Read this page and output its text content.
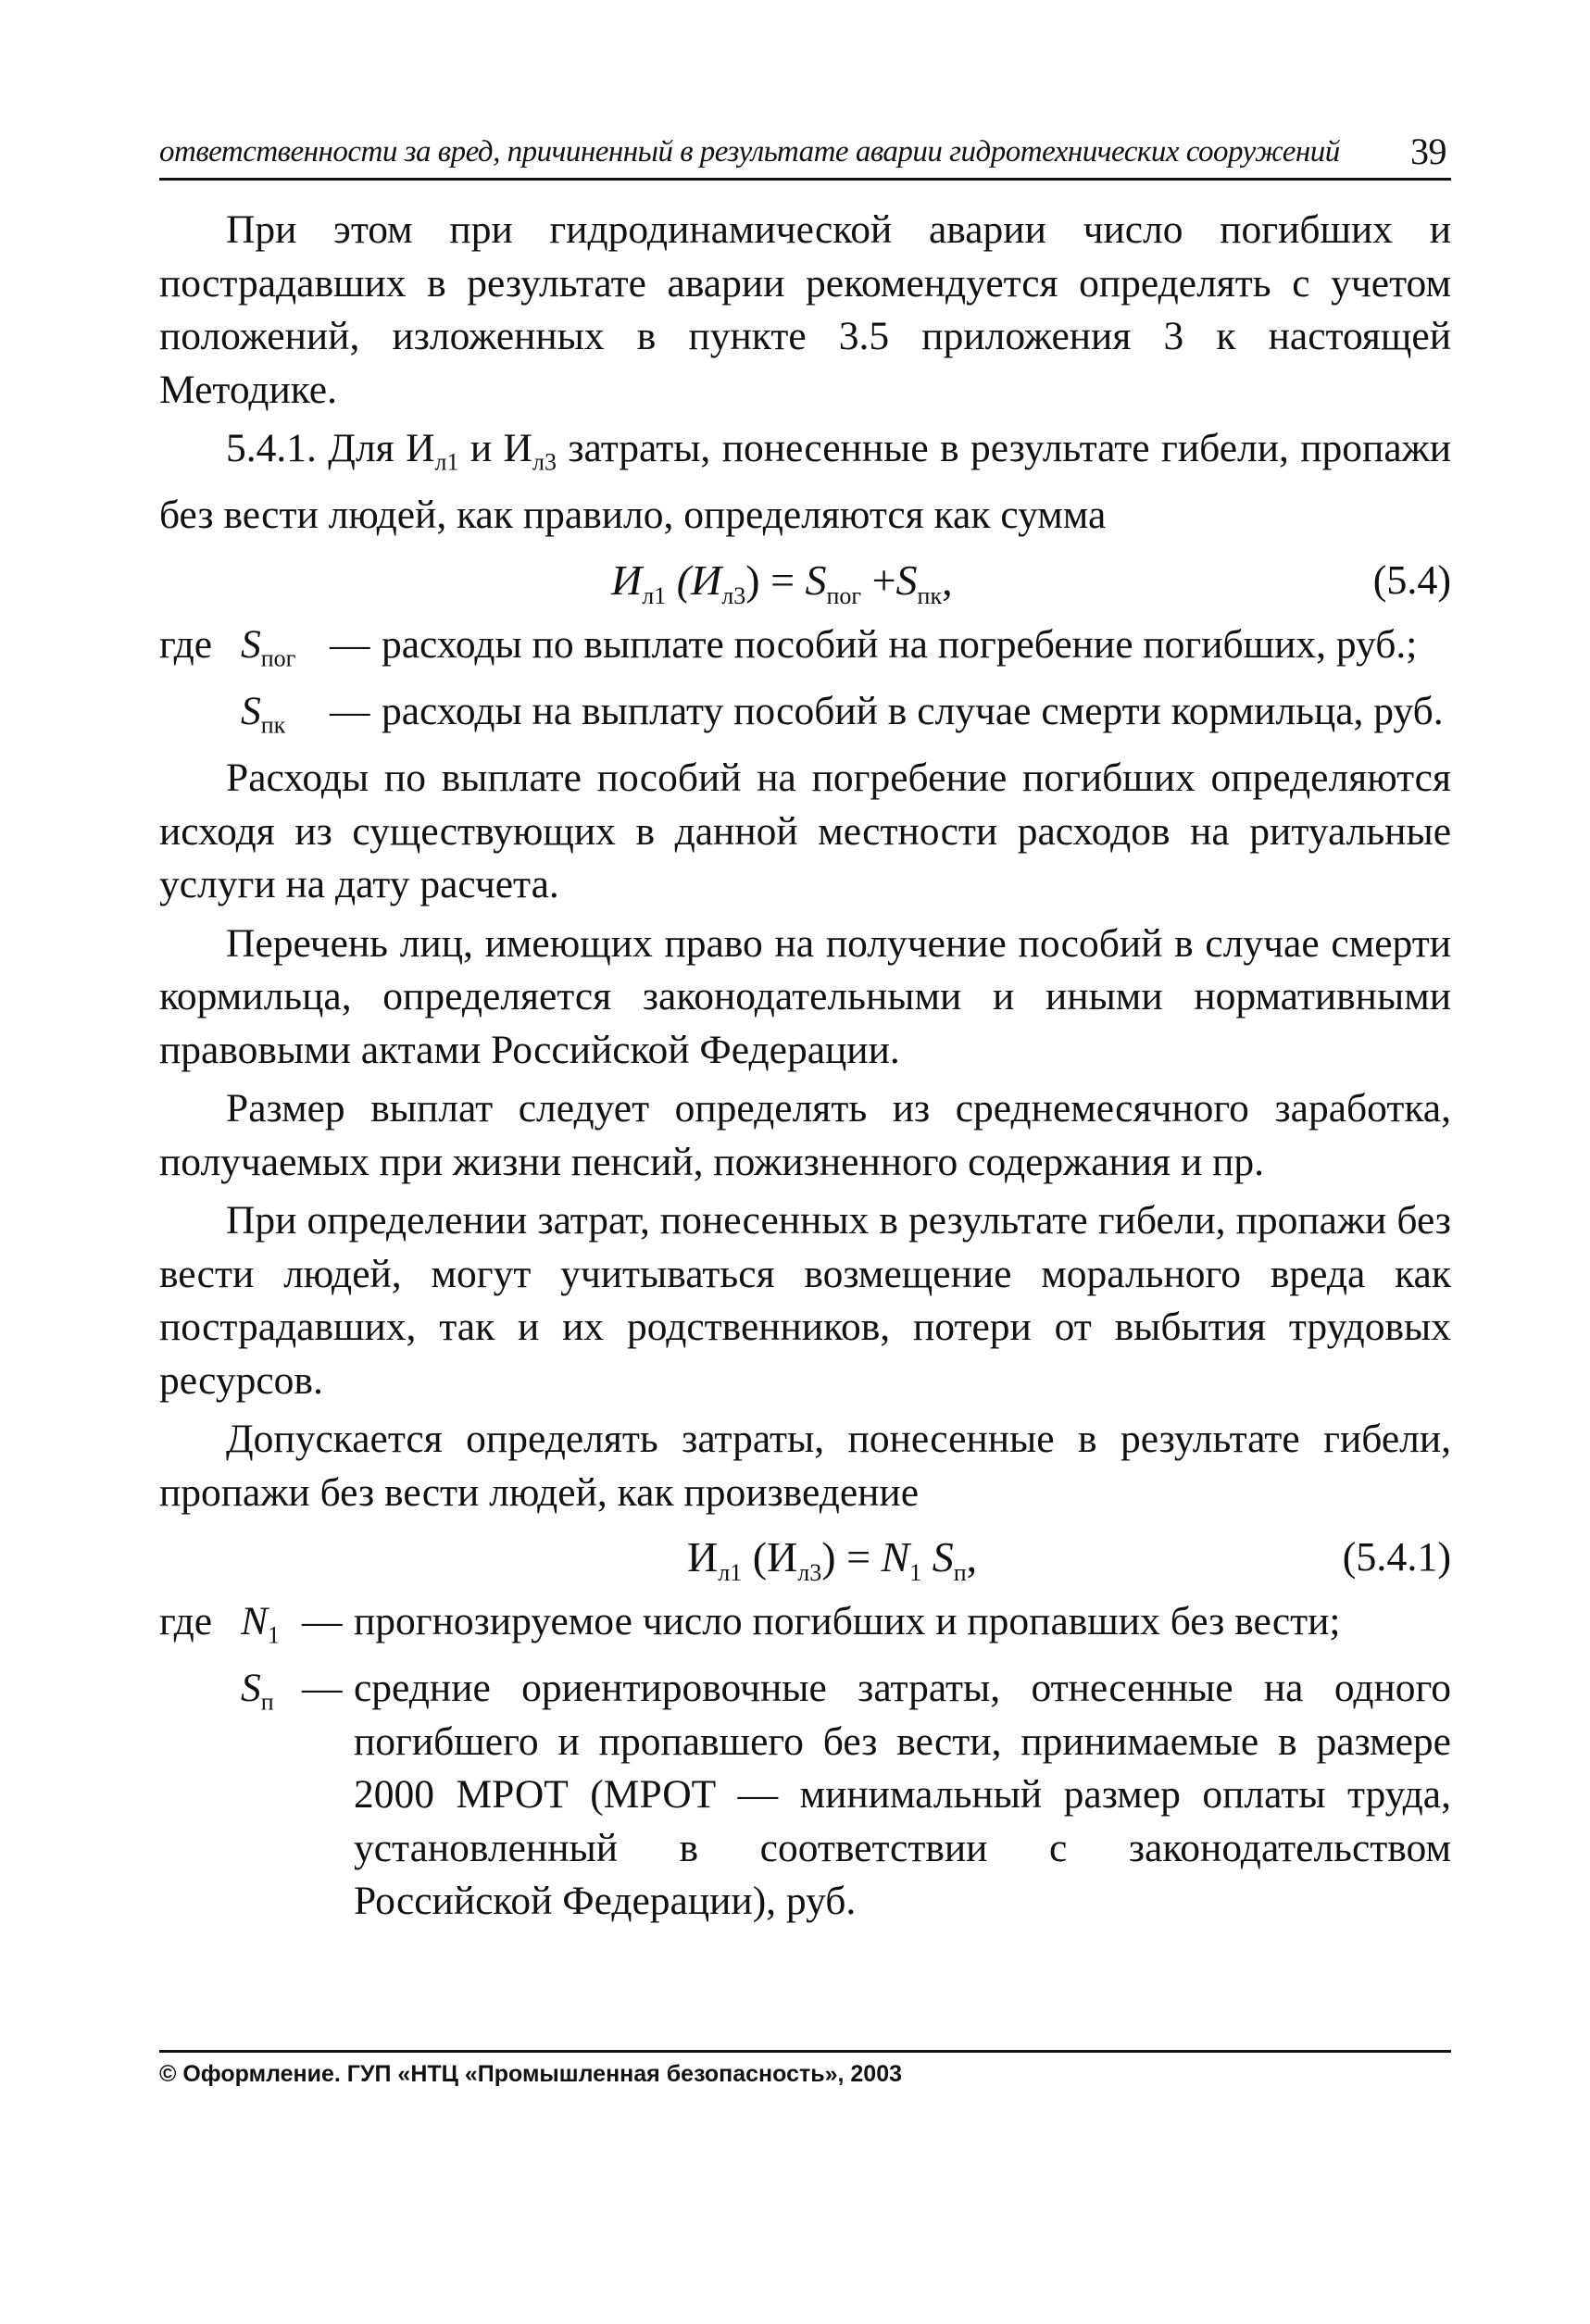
ответственности за вред, причиненный в результате аварии гидротехнических сооружений 39

При этом при гидродинамической аварии число погибших и пострадавших в результате аварии рекомендуется определять с учетом положений, изложенных в пункте 3.5 приложения 3 к настоящей Методике.

5.4.1. Для $И_{л1}$ и $И_{л3}$ затраты, понесенные в результате гибели, пропажи без вести людей, как правило, определяются как сумма

$И_{л1}$ $(И_{л3}) = S_{пог} +S_{пк}$,	(5.4)
где $S_{пог}$ — расходы по выплате пособий на погребение погибших, руб.;
$S_{пк}$	— расходы на выплату пособий в случае смерти кормильца, руб.

Расходы по выплате пособий на погребение погибших определяются исходя из существующих в данной местности расходов на ритуальные услуги на дату расчета.

Перечень лиц, имеющих право на получение пособий в случае смерти кормильца, определяется законодательными и иными нормативными правовыми актами Российской Федерации.

Размер выплат следует определять из среднемесячного заработка, получаемых при жизни пенсий, пожизненного содержания и пр.

При определении затрат, понесенных в результате гибели, пропажи без вести людей, могут учитываться возмещение морального вреда как пострадавших, так и их родственников, потери от выбытия трудовых ресурсов.

Допускается определять затраты, понесенные в результате гибели, пропажи без вести людей, как произведение

$И_{л1}$ $(И_{л3}) = N_1$ $S_п$,	(5.4.1)
где $N_1$ — прогнозируемое число погибших и пропавших без вести;
$S_п$ — средние ориентировочные затраты, отнесенные на одного погибшего и пропавшего без вести, принимаемые в размере 2000 МРОТ (МРОТ — минимальный размер оплаты труда, установленный в соответствии с законодательством Российской Федерации), руб.
© Оформление. ГУП «НТЦ «Промышленная безопасность», 2003
